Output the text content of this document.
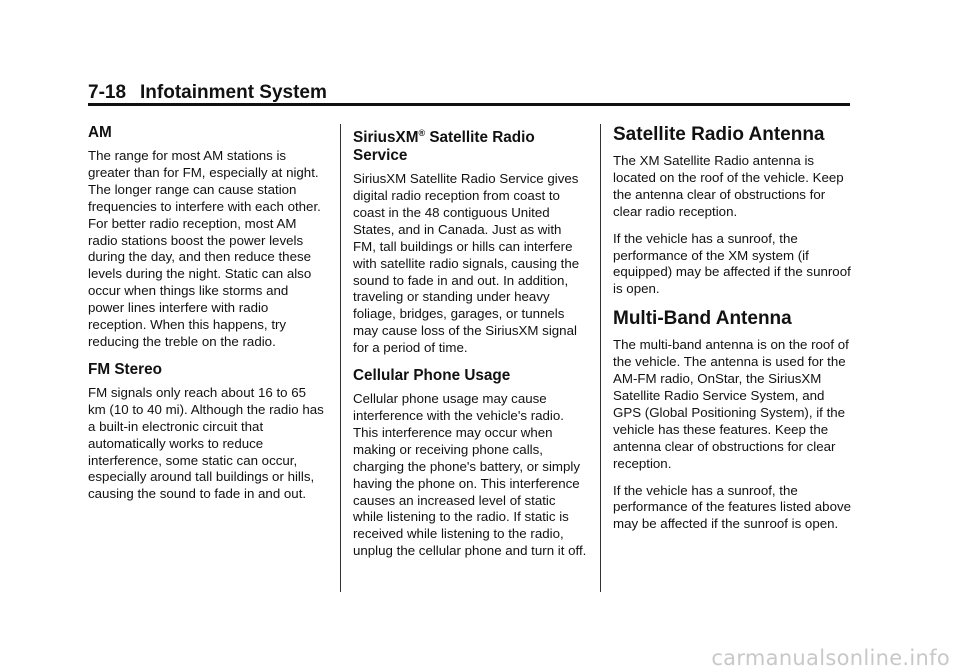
7-18 Infotainment System
AM

The range for most AM stations is greater than for FM, especially at night. The longer range can cause station frequencies to interfere with each other. For better radio reception, most AM radio stations boost the power levels during the day, and then reduce these levels during the night. Static can also occur when things like storms and power lines interfere with radio reception. When this happens, try reducing the treble on the radio.

FM Stereo

FM signals only reach about 16 to 65 km (10 to 40 mi). Although the radio has a built-in electronic circuit that automatically works to reduce interference, some static can occur, especially around tall buildings or hills, causing the sound to fade in and out.

SiriusXM® Satellite Radio Service

SiriusXM Satellite Radio Service gives digital radio reception from coast to coast in the 48 contiguous United States, and in Canada. Just as with FM, tall buildings or hills can interfere with satellite radio signals, causing the sound to fade in and out. In addition, traveling or standing under heavy foliage, bridges, garages, or tunnels may cause loss of the SiriusXM signal for a period of time.

Cellular Phone Usage

Cellular phone usage may cause interference with the vehicle's radio. This interference may occur when making or receiving phone calls, charging the phone's battery, or simply having the phone on. This interference causes an increased level of static while listening to the radio. If static is received while listening to the radio, unplug the cellular phone and turn it off.

Satellite Radio Antenna

The XM Satellite Radio antenna is located on the roof of the vehicle. Keep the antenna clear of obstructions for clear radio reception.

If the vehicle has a sunroof, the performance of the XM system (if equipped) may be affected if the sunroof is open.

Multi-Band Antenna

The multi-band antenna is on the roof of the vehicle. The antenna is used for the AM-FM radio, OnStar, the SiriusXM Satellite Radio Service System, and GPS (Global Positioning System), if the vehicle has these features. Keep the antenna clear of obstructions for clear reception.

If the vehicle has a sunroof, the performance of the features listed above may be affected if the sunroof is open.

carmanualsonline.info
